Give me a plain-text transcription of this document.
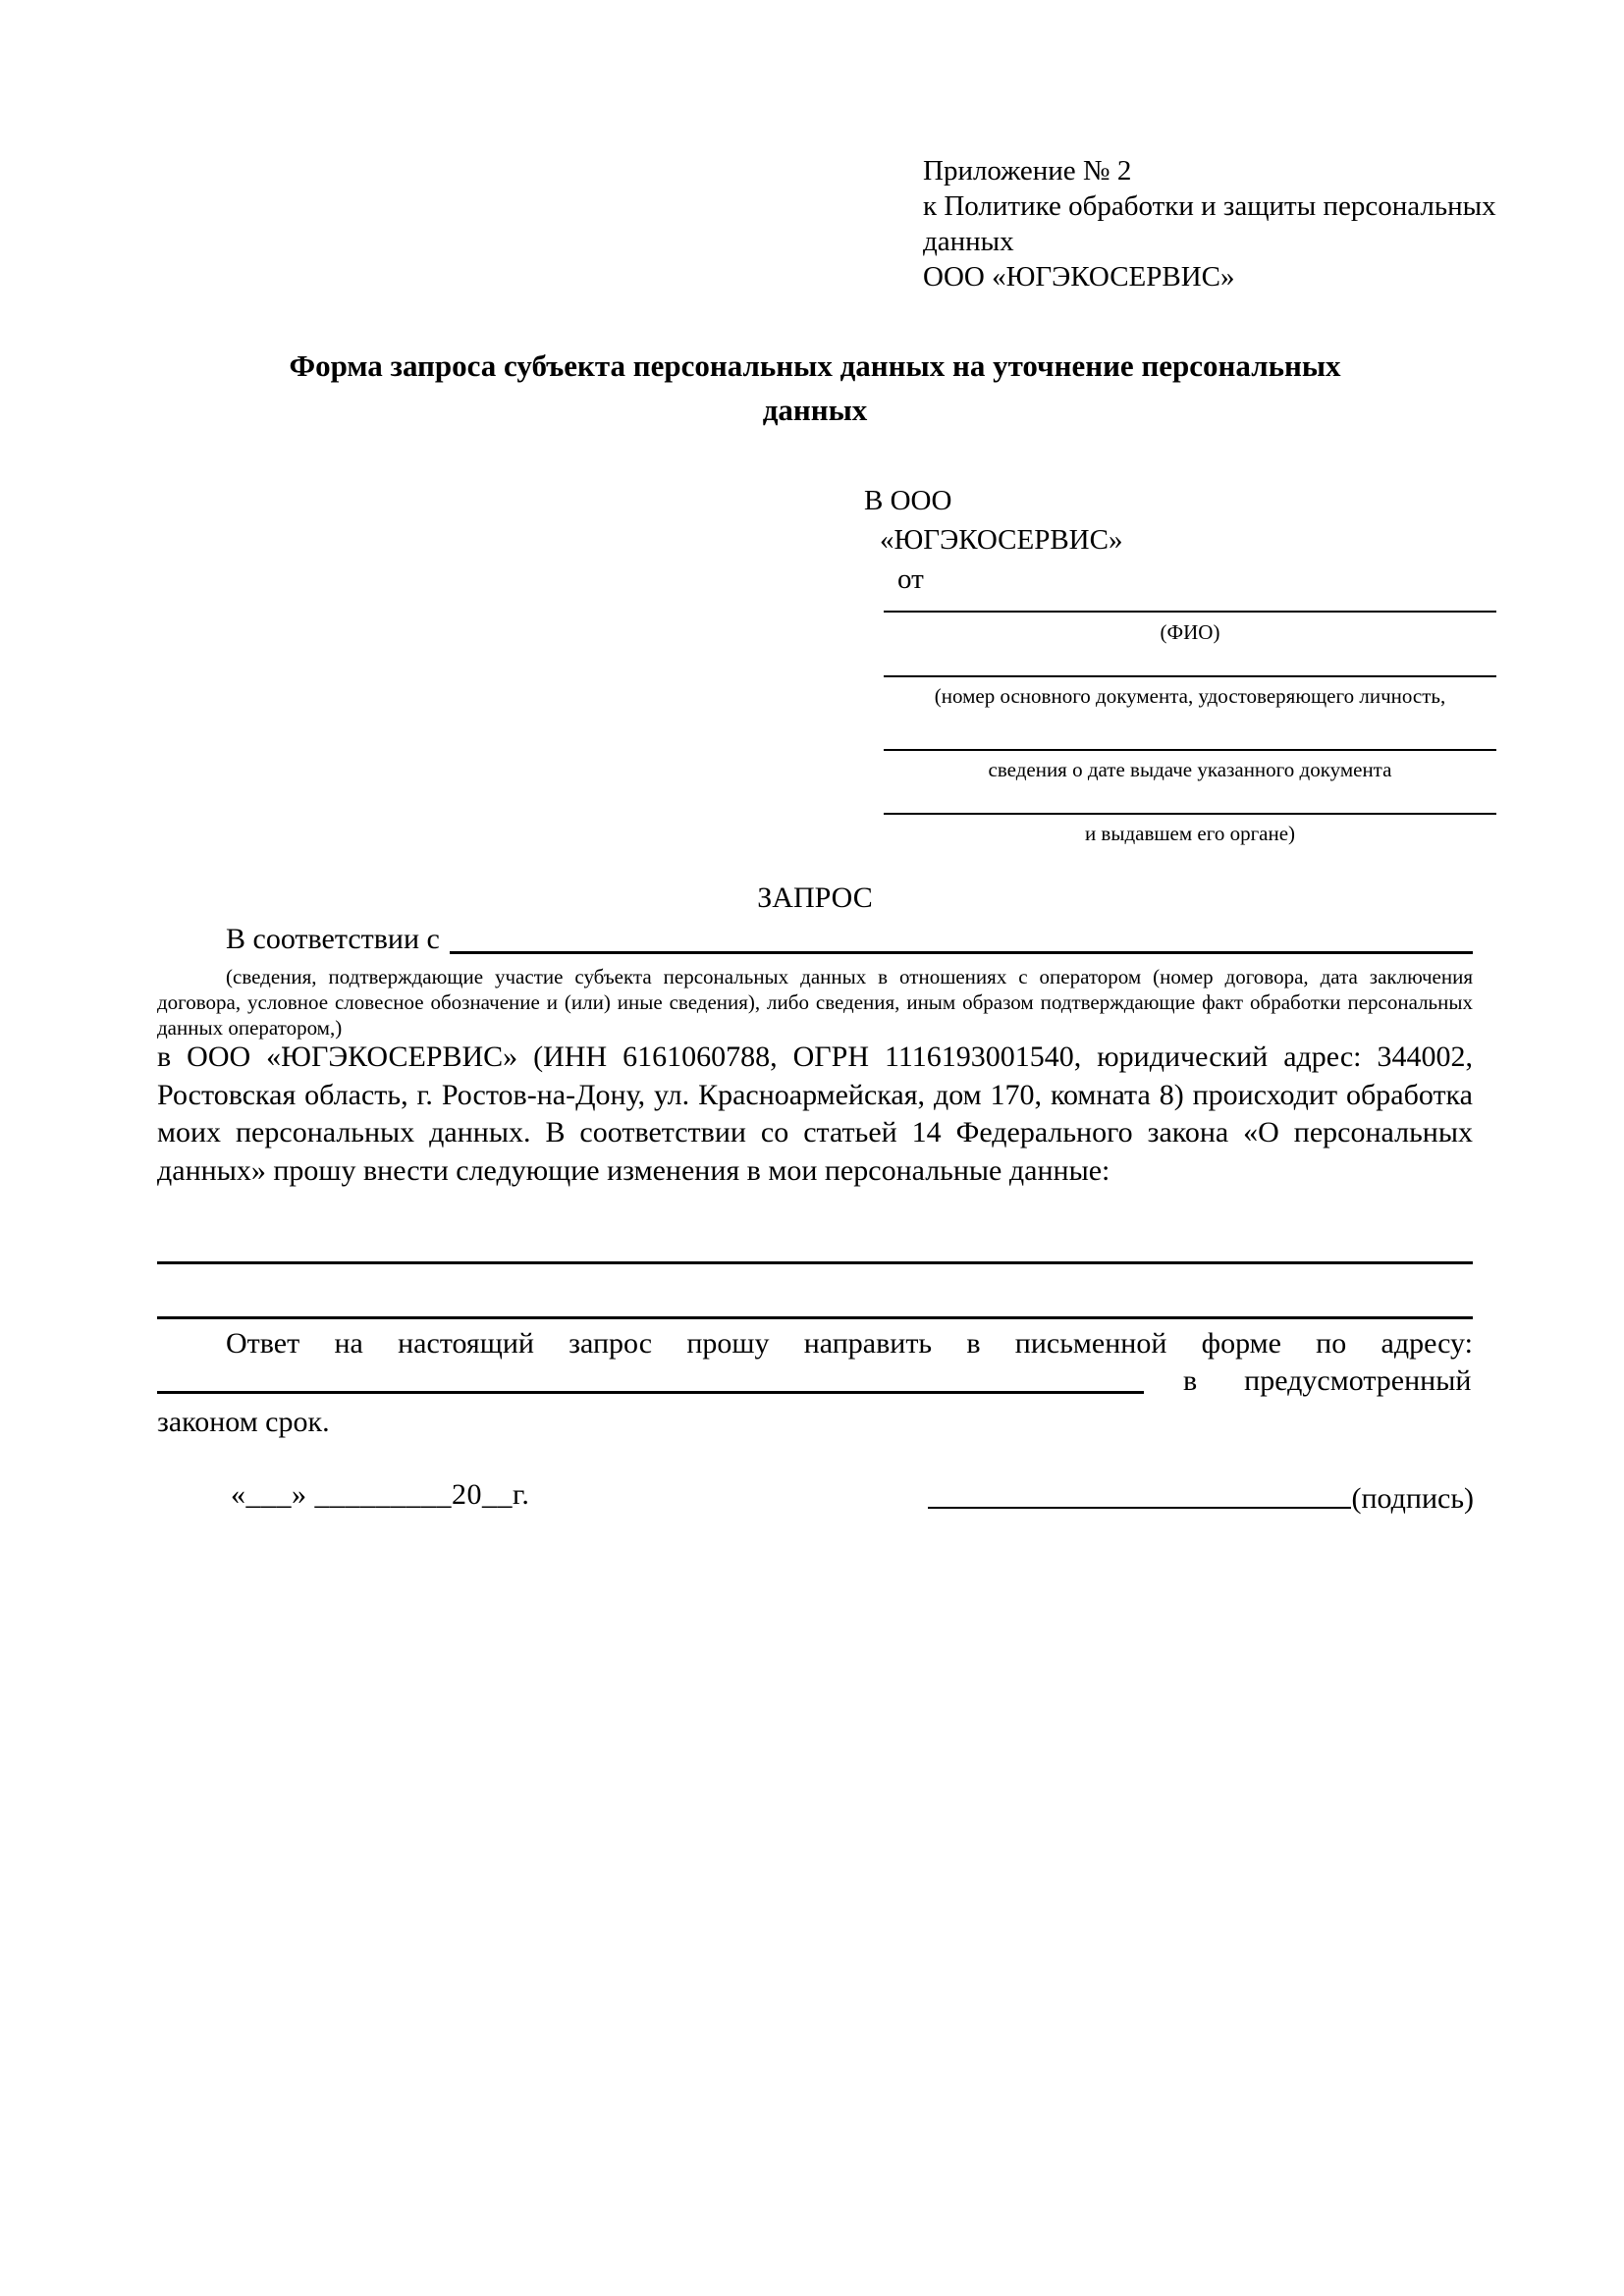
Приложение № 2
к Политике обработки и защиты персональных данных
ООО «ЮГЭКОСЕРВИС»
Форма запроса субъекта персональных данных на уточнение персональных данных
В ООО
«ЮГЭКОСЕРВИС»
от
(ФИО)
(номер основного документа, удостоверяющего личность,
сведения о дате выдаче указанного документа
и выдавшем его органе)
ЗАПРОС
В соответствии с
(сведения, подтверждающие участие субъекта персональных данных в отношениях с оператором (номер договора, дата заключения договора, условное словесное обозначение и (или) иные сведения), либо сведения, иным образом подтверждающие факт обработки персональных данных оператором,)
в ООО «ЮГЭКОСЕРВИС» (ИНН 6161060788, ОГРН 1116193001540, юридический адрес: 344002, Ростовская область, г. Ростов-на-Дону, ул. Красноармейская, дом 170, комната 8) происходит обработка моих персональных данных. В соответствии со статьей 14 Федерального закона «О персональных данных» прошу внести следующие изменения в мои персональные данные:
Ответ на настоящий запрос прошу направить в письменной форме по адресу:
в предусмотренный
законом срок.
«___» _________20__г.	(подпись)
